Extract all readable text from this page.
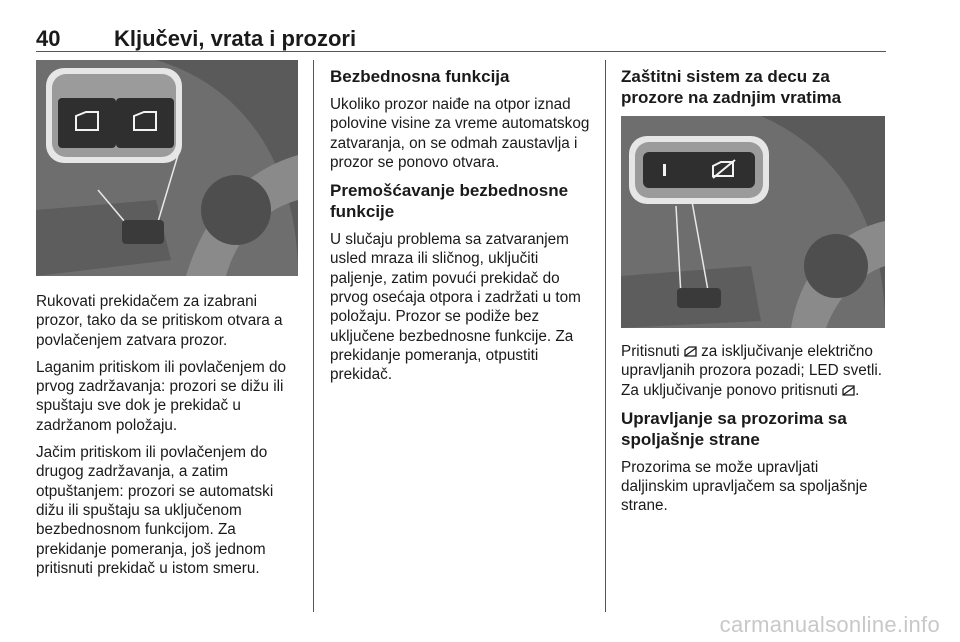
40 Ključevi, vrata i prozori

Rukovati prekidačem za izabrani prozor, tako da se pritiskom otvara a povlačenjem zatvara prozor.

Laganim pritiskom ili povlačenjem do prvog zadržavanja: prozori se dižu ili spuštaju sve dok je prekidač u zadržanom položaju.

Jačim pritiskom ili povlačenjem do drugog zadržavanja, a zatim otpuštanjem: prozori se automatski dižu ili spuštaju sa uključenom bezbednosnom funkcijom. Za prekidanje pomeranja, još jednom pritisnuti prekidač u istom smeru.

Bezbednosna funkcija

Ukoliko prozor naiđe na otpor iznad polovine visine za vreme automatskog zatvaranja, on se odmah zaustavlja i prozor se ponovo otvara.

Premošćavanje bezbednosne funkcije

U slučaju problema sa zatvaranjem usled mraza ili sličnog, uključiti paljenje, zatim povući prekidač do prvog osećaja otpora i zadržati u tom položaju. Prozor se podiže bez uključene bezbednosne funkcije. Za prekidanje pomeranja, otpustiti prekidač.

Zaštitni sistem za decu za prozore na zadnjim vratima

Pritisnuti za isključivanje električno upravljanih prozora pozadi; LED svetli. Za uključivanje ponovo pritisnuti .

Upravljanje sa prozorima sa spoljašnje strane

Prozorima se može upravljati daljinskim upravljačem sa spoljašnje strane.

carmanualsonline.info
